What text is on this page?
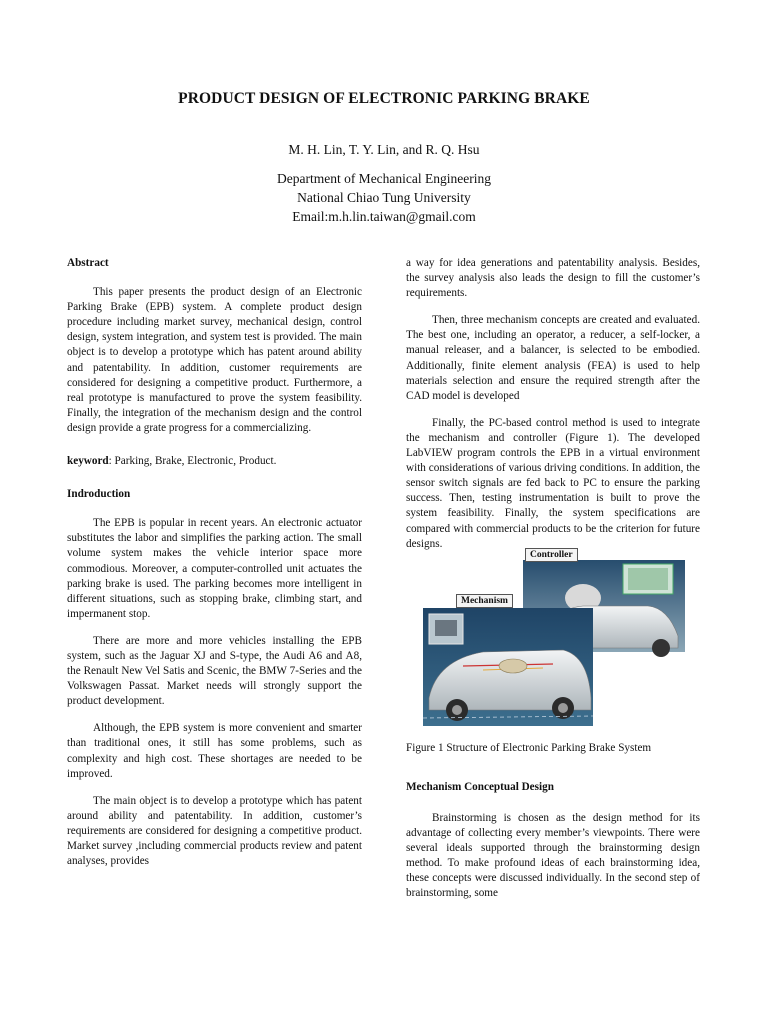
PRODUCT DESIGN OF ELECTRONIC PARKING BRAKE
M. H. Lin, T. Y. Lin, and R. Q. Hsu
Department of Mechanical Engineering
National Chiao Tung University
Email:m.h.lin.taiwan@gmail.com
Abstract

This paper presents the product design of an Electronic Parking Brake (EPB) system. A complete product design procedure including market survey, mechanical design, control design, system integration, and system test is provided. The main object is to develop a prototype which has patent around ability and patentability. In addition, customer requirements are considered for designing a competitive product. Furthermore, a real prototype is manufactured to prove the system feasibility. Finally, the integration of the mechanism design and the control design provide a grate progress for a commercializing.

keyword: Parking, Brake, Electronic, Product.
Indroduction

The EPB is popular in recent years. An electronic actuator substitutes the labor and simplifies the parking action. The small volume system makes the vehicle interior space more commodious. Moreover, a computer-controlled unit actuates the parking brake is used. The parking becomes more intelligent in different situations, such as stopping brake, climbing start, and impermanent stop.

There are more and more vehicles installing the EPB system, such as the Jaguar XJ and S-type, the Audi A6 and A8, the Renault New Vel Satis and Scenic, the BMW 7-Series and the Volkswagen Passat. Market needs will strongly support the product development.

Although, the EPB system is more convenient and smarter than traditional ones, it still has some problems, such as complexity and high cost. These shortages are needed to be improved.

The main object is to develop a prototype which has patent around ability and patentability. In addition, customer’s requirements are considered for designing a competitive product. Market survey ,including commercial products review and patent analyses, provides

a way for idea generations and patentability analysis. Besides, the survey analysis also leads the design to fill the customer’s requirements.

Then, three mechanism concepts are created and evaluated. The best one, including an operator, a reducer, a self-locker, a manual releaser, and a balancer, is selected to be embodied. Additionally, finite element analysis (FEA) is used to help materials selection and ensure the required strength after the CAD model is developed

Finally, the PC-based control method is used to integrate the mechanism and controller (Figure 1). The developed LabVIEW program controls the EPB in a virtual environment with considerations of various driving conditions. In addition, the sensor switch signals are fed back to PC to ensure the parking success. Then, testing instrumentation is built to prove the system feasibility. Finally, the system specifications are compared with commercial products to be the criterion for future designs.

Controller
Mechanism
Figure 1 Structure of Electronic Parking Brake System
Mechanism Conceptual Design

Brainstorming is chosen as the design method for its advantage of collecting every member’s viewpoints. There were several ideals supported through the brainstorming design method. To make profound ideas of each brainstorming idea, these concepts were discussed individually. In the second step of brainstorming, some
